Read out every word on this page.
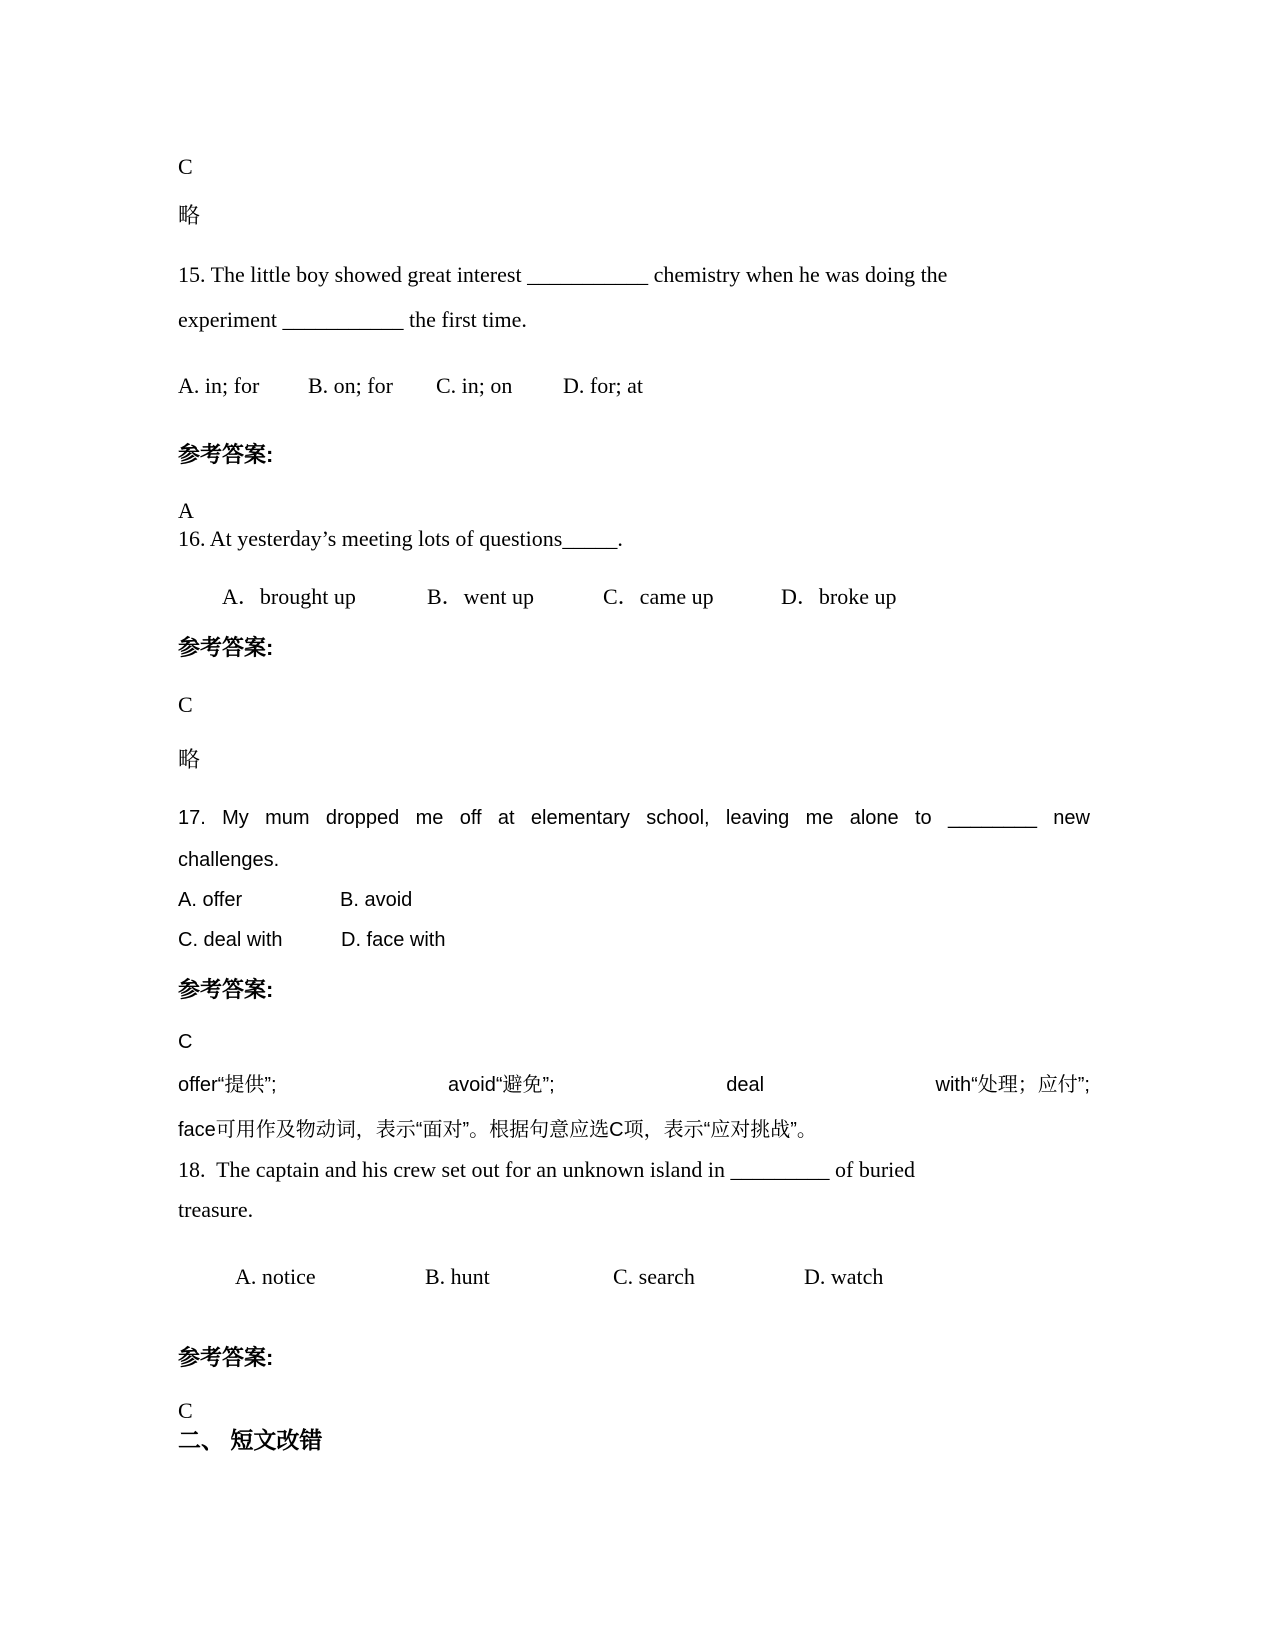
C
略
15. The little boy showed great interest ___________ chemistry when he was doing the
experiment ___________ the first time.

A. in; for

B. on; for

C. in; on

D. for; at

参考答案:
A
16. At yesterday’s meeting lots of questions_____.

A．brought up

	B．went up

	C．came up

	D．broke up

参考答案:
C
略
17. My mum dropped me off at elementary school, leaving me alone to ________ new
challenges.

A. offer

	B. avoid

C. deal with

	D. face with

参考答案:
C
offer“提供”;	avoid“避免”;	deal	with“处理；应付”;
face可用作及物动词，表示“面对”。根据句意应选C项，表示“应对挑战”。
18.  The captain and his crew set out for an unknown island in _________ of buried
treasure.

A. notice

	B. hunt

	C. search

	D. watch

参考答案:
C
二、 短文改错
